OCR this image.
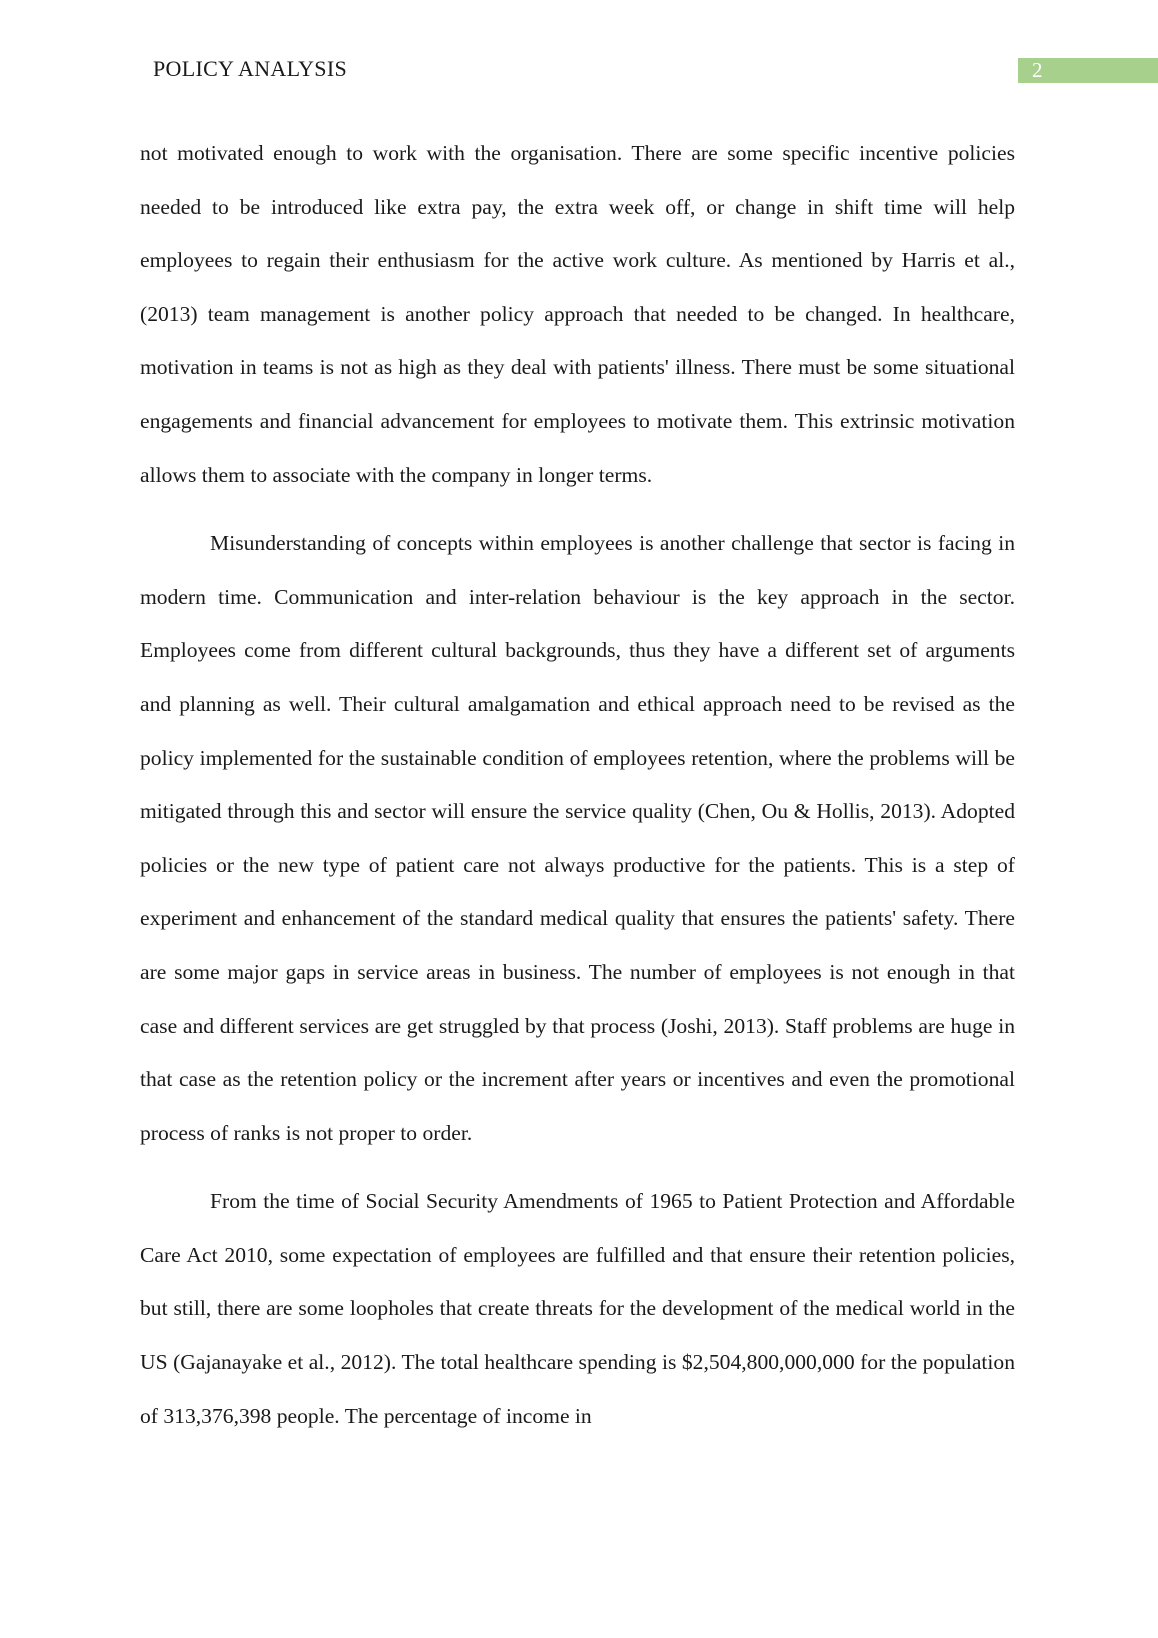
POLICY ANALYSIS	2

not motivated enough to work with the organisation. There are some specific incentive policies needed to be introduced like extra pay, the extra week off, or change in shift time will help employees to regain their enthusiasm for the active work culture. As mentioned by Harris et al., (2013) team management is another policy approach that needed to be changed. In healthcare, motivation in teams is not as high as they deal with patients' illness. There must be some situational engagements and financial advancement for employees to motivate them. This extrinsic motivation allows them to associate with the company in longer terms.

Misunderstanding of concepts within employees is another challenge that sector is facing in modern time. Communication and inter-relation behaviour is the key approach in the sector. Employees come from different cultural backgrounds, thus they have a different set of arguments and planning as well. Their cultural amalgamation and ethical approach need to be revised as the policy implemented for the sustainable condition of employees retention, where the problems will be mitigated through this and sector will ensure the service quality (Chen, Ou & Hollis, 2013). Adopted policies or the new type of patient care not always productive for the patients. This is a step of experiment and enhancement of the standard medical quality that ensures the patients' safety. There are some major gaps in service areas in business. The number of employees is not enough in that case and different services are get struggled by that process (Joshi, 2013). Staff problems are huge in that case as the retention policy or the increment after years or incentives and even the promotional process of ranks is not proper to order.

From the time of Social Security Amendments of 1965 to Patient Protection and Affordable Care Act 2010, some expectation of employees are fulfilled and that ensure their retention policies, but still, there are some loopholes that create threats for the development of the medical world in the US (Gajanayake et al., 2012). The total healthcare spending is $2,504,800,000,000 for the population of 313,376,398 people. The percentage of income in
